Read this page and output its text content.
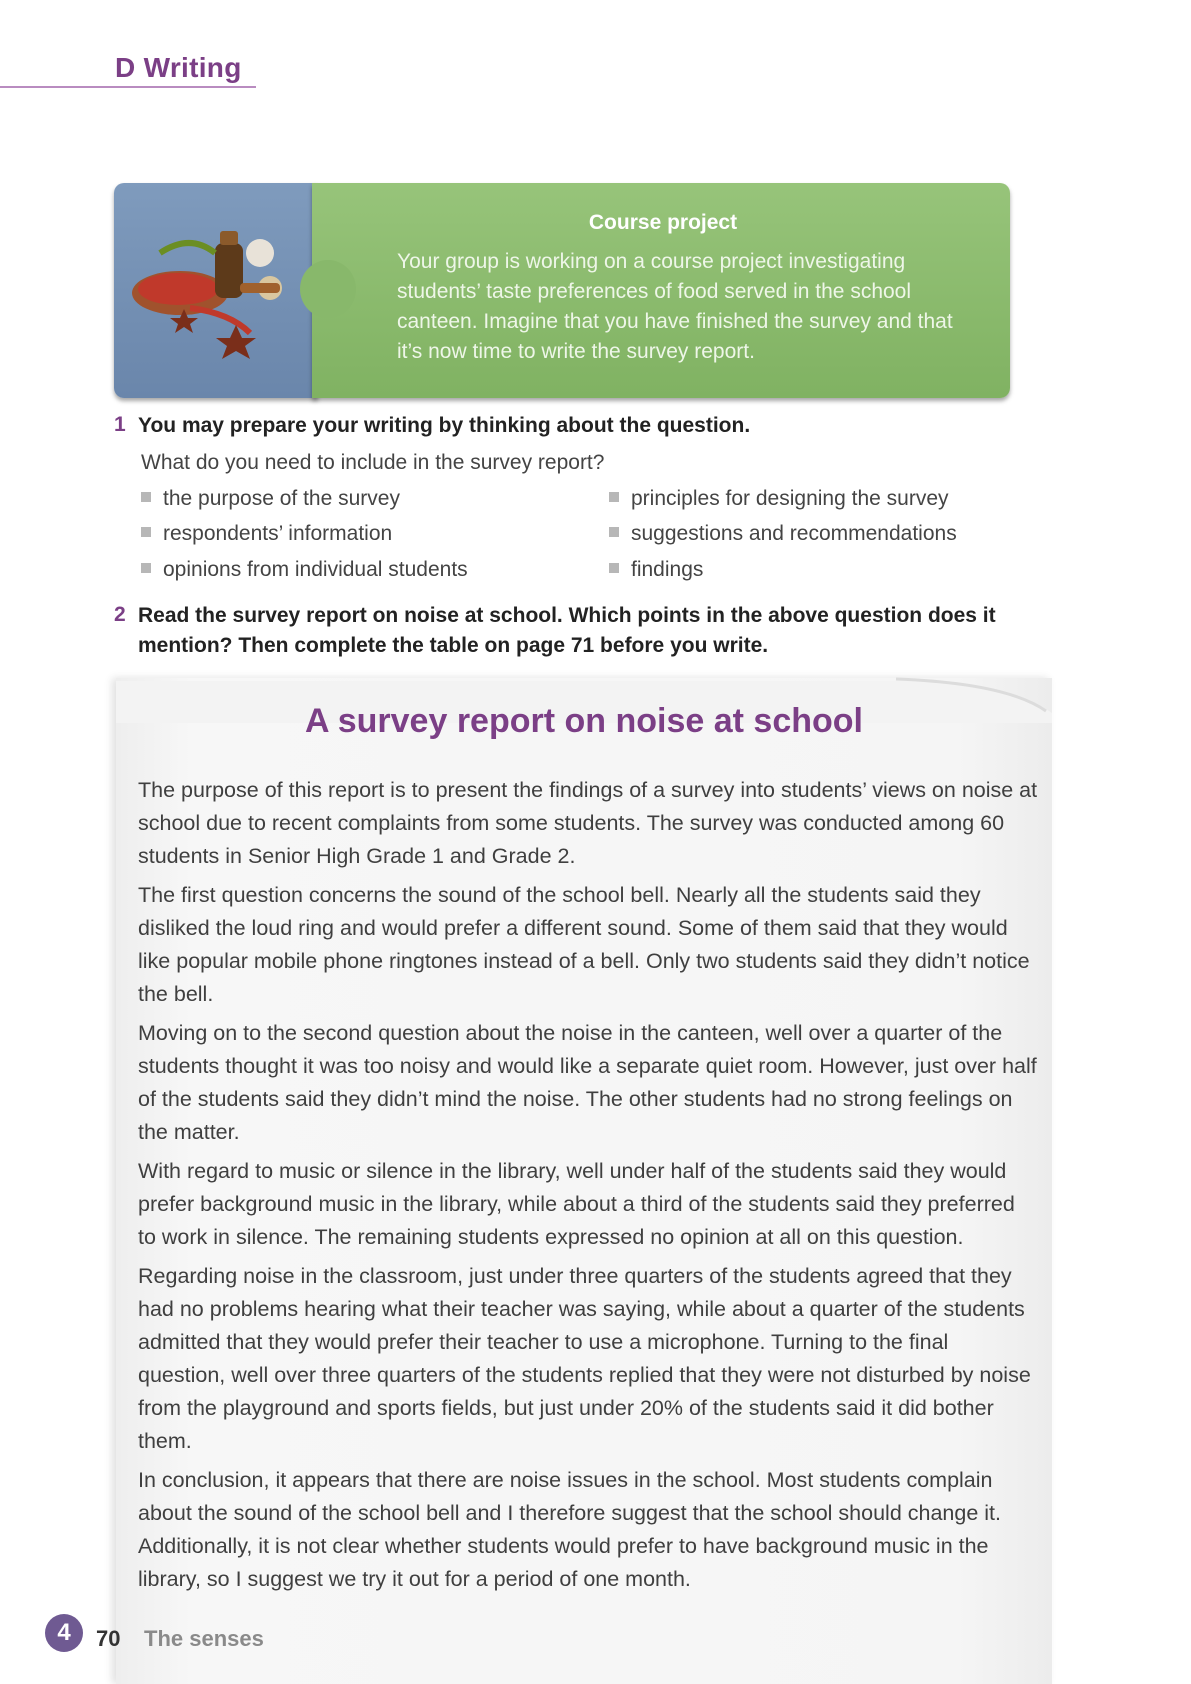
D Writing
Course project
Your group is working on a course project investigating students’ taste preferences of food served in the school canteen. Imagine that you have finished the survey and that it’s now time to write the survey report.
1 You may prepare your writing by thinking about the question.
What do you need to include in the survey report?
the purpose of the survey
respondents’ information
opinions from individual students
principles for designing the survey
suggestions and recommendations
findings
2 Read the survey report on noise at school. Which points in the above question does it
mention? Then complete the table on page 71 before you write.
A survey report on noise at school

The purpose of this report is to present the findings of a survey into students’ views on noise at school due to recent complaints from some students. The survey was conducted among 60 students in Senior High Grade 1 and Grade 2.

The first question concerns the sound of the school bell. Nearly all the students said they disliked the loud ring and would prefer a different sound. Some of them said that they would like popular mobile phone ringtones instead of a bell. Only two students said they didn’t notice the bell.

Moving on to the second question about the noise in the canteen, well over a quarter of the students thought it was too noisy and would like a separate quiet room. However, just over half of the students said they didn’t mind the noise. The other students had no strong feelings on the matter.

With regard to music or silence in the library, well under half of the students said they would prefer background music in the library, while about a third of the students said they preferred to work in silence. The remaining students expressed no opinion at all on this question.

Regarding noise in the classroom, just under three quarters of the students agreed that they had no problems hearing what their teacher was saying, while about a quarter of the students admitted that they would prefer their teacher to use a microphone. Turning to the final question, well over three quarters of the students replied that they were not disturbed by noise from the playground and sports fields, but just under 20% of the students said it did bother them.

In conclusion, it appears that there are noise issues in the school. Most students complain about the sound of the school bell and I therefore suggest that the school should change it. Additionally, it is not clear whether students would prefer to have background music in the library, so I suggest we try it out for a period of one month.

4	70 The senses
